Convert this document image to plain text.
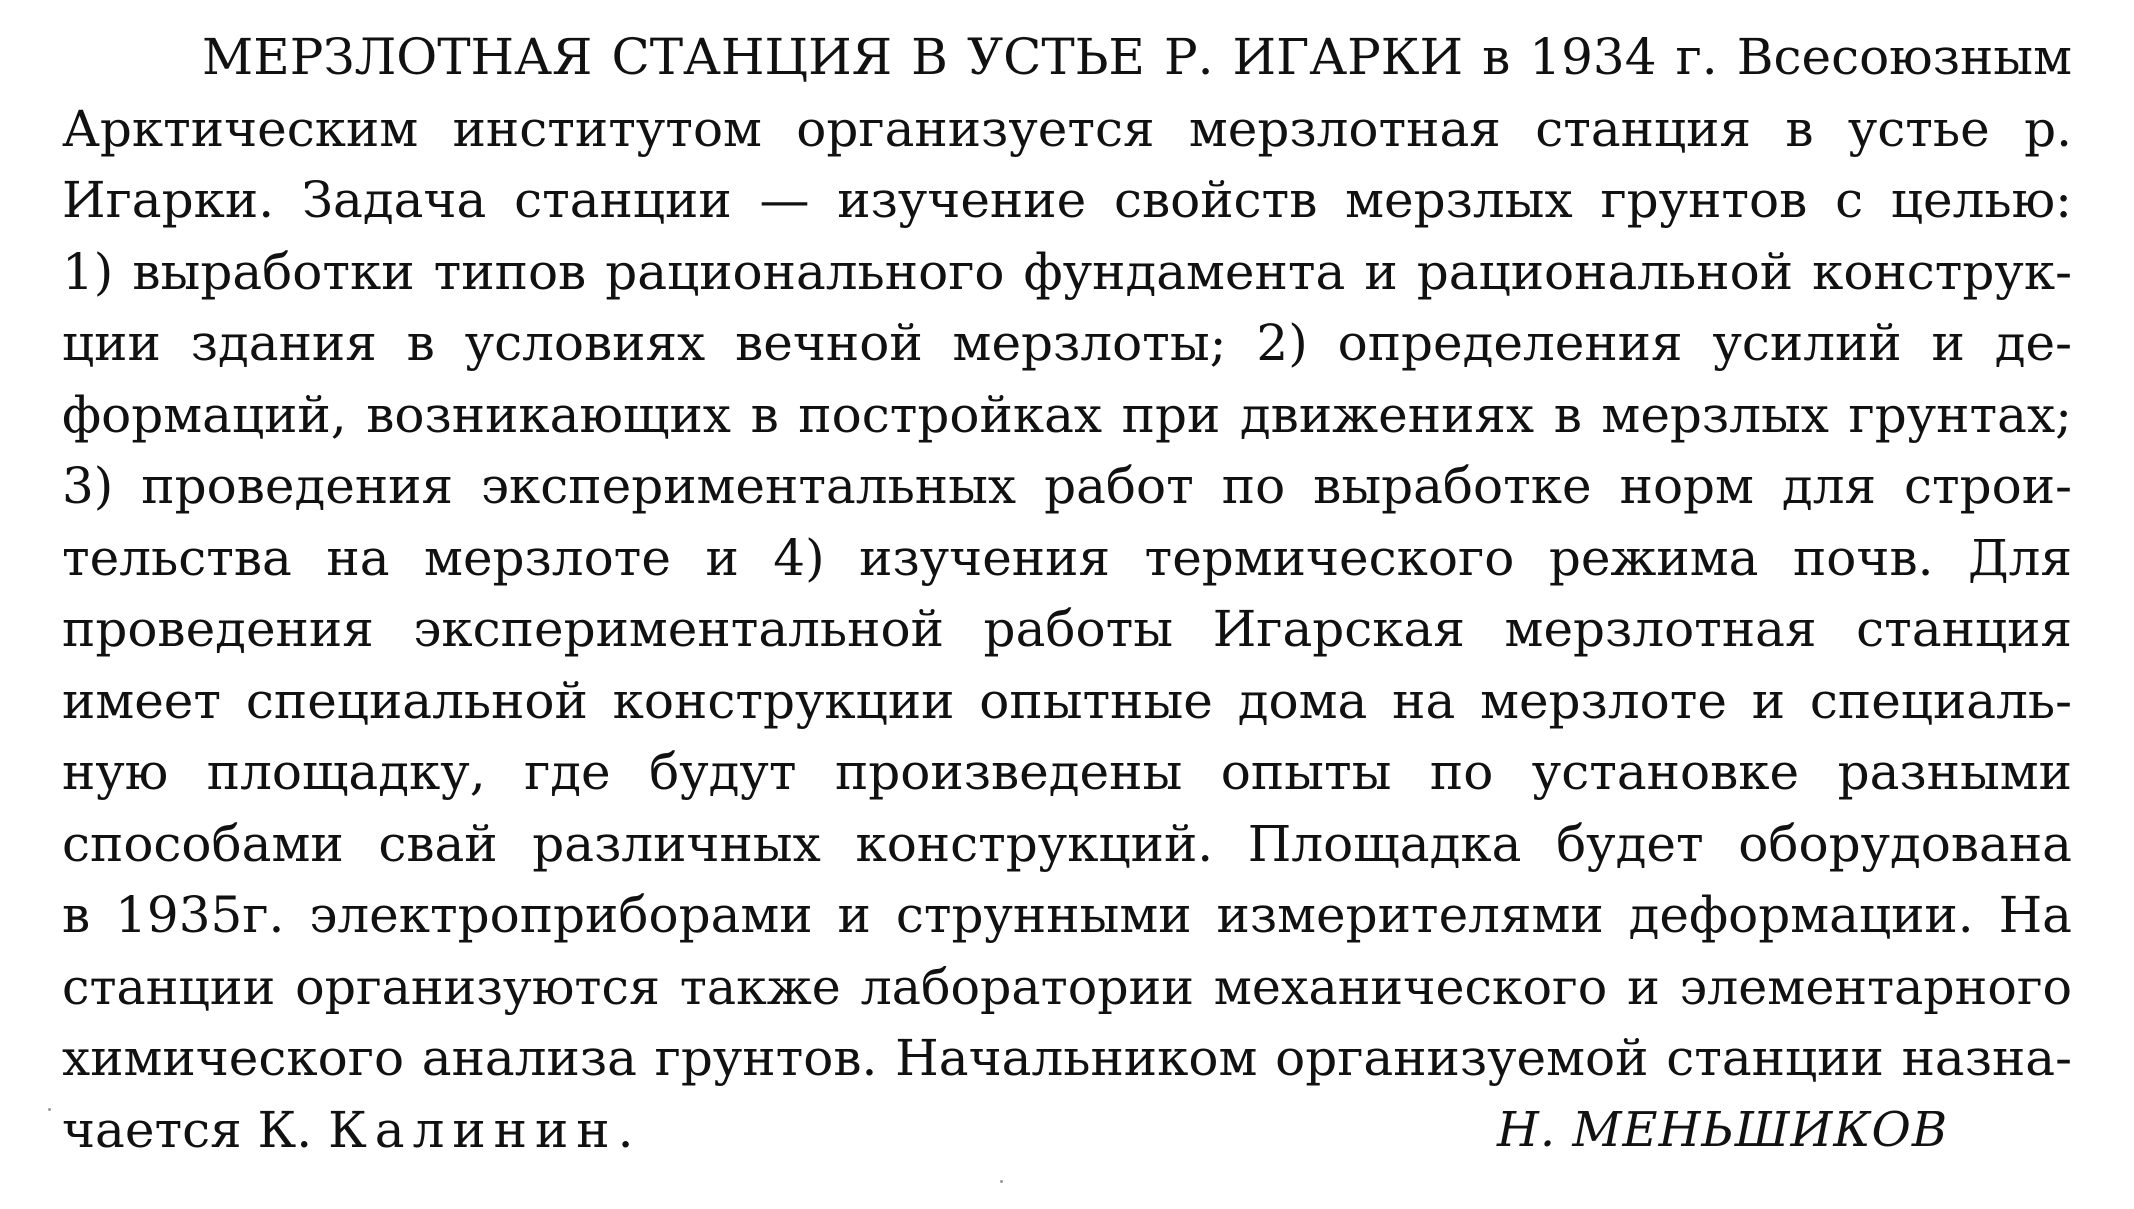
МЕРЗЛОТНАЯ СТАНЦИЯ В УСТЬЕ Р. ИГАРКИ в 1934 г. Всесоюзным
Арктическим институтом организуется мерзлотная станция в устье р.
Игарки. Задача станции — изучение свойств мерзлых грунтов с целью:
1) выработки типов рационального фундамента и рациональной конструк-
ции здания в условиях вечной мерзлоты; 2) определения усилий и де-
формаций, возникающих в постройках при движениях в мерзлых грунтах;
3) проведения экспериментальных работ по выработке норм для строи-
тельства на мерзлоте и 4) изучения термического режима почв. Для
проведения экспериментальной работы Игарская мерзлотная станция
имеет специальной конструкции опытные дома на мерзлоте и специаль-
ную площадку, где будут произведены опыты по установке разными
способами свай различных конструкций. Площадка будет оборудована
в 1935г. электроприборами и струнными измерителями деформации. На
станции организуются также лаборатории механического и элементарного
химического анализа грунтов. Начальником организуемой станции назна-
чается К. Калинин.	Н. МЕНЬШИКОВ
